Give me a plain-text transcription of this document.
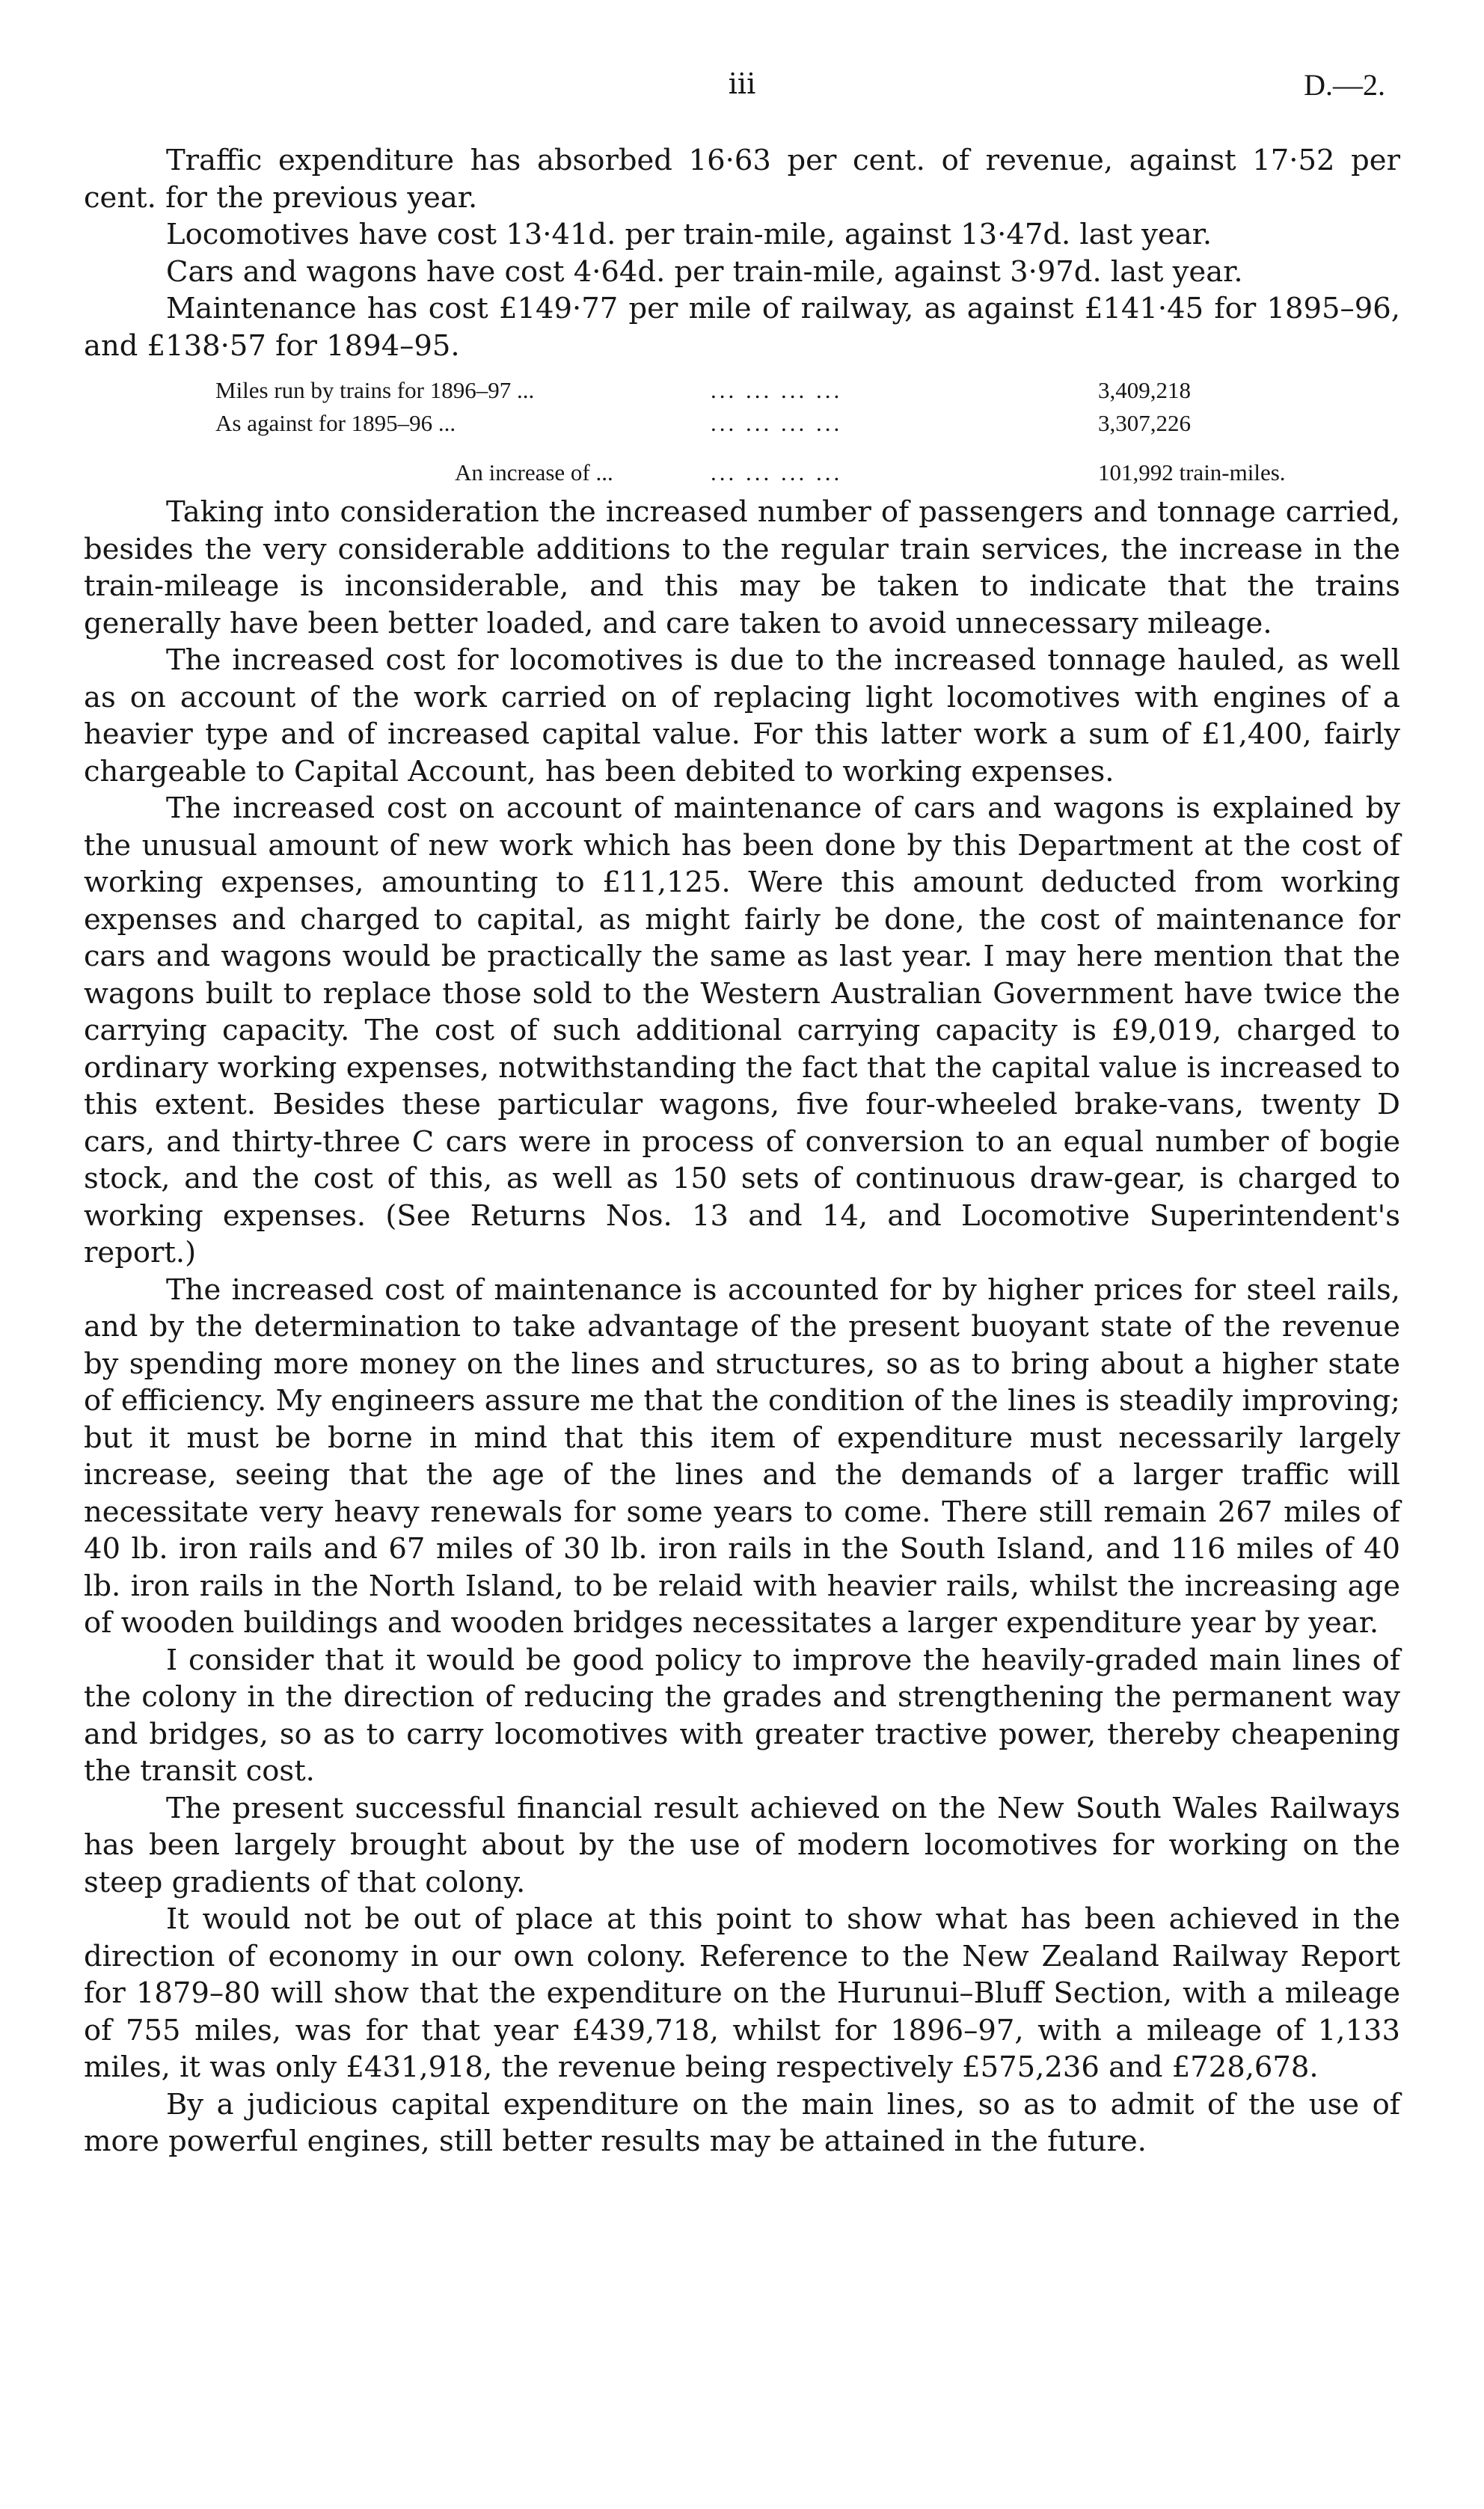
iii	D.—2.

Traffic expenditure has absorbed 16·63 per cent. of revenue, against 17·52 per cent. for the previous year.

Locomotives have cost 13·41d. per train-mile, against 13·47d. last year.

Cars and wagons have cost 4·64d. per train-mile, against 3·97d. last year.

Maintenance has cost £149·77 per mile of railway, as against £141·45 for 1895–96, and £138·57 for 1894–95.

Miles run by trains for 1896–97 ...	... ... ... ...	3,409,218
As against for 1895–96 ...	... ... ... ...	3,307,226
An increase of ...	... ... ... ...	101,992 train-miles.

Taking into consideration the increased number of passengers and tonnage carried, besides the very considerable additions to the regular train services, the increase in the train-mileage is inconsiderable, and this may be taken to indicate that the trains generally have been better loaded, and care taken to avoid unnecessary mileage.

The increased cost for locomotives is due to the increased tonnage hauled, as well as on account of the work carried on of replacing light locomotives with engines of a heavier type and of increased capital value. For this latter work a sum of £1,400, fairly chargeable to Capital Account, has been debited to working expenses.

The increased cost on account of maintenance of cars and wagons is explained by the unusual amount of new work which has been done by this Department at the cost of working expenses, amounting to £11,125. Were this amount deducted from working expenses and charged to capital, as might fairly be done, the cost of maintenance for cars and wagons would be practically the same as last year. I may here mention that the wagons built to replace those sold to the Western Australian Government have twice the carrying capacity. The cost of such additional carrying capacity is £9,019, charged to ordinary working expenses, notwithstanding the fact that the capital value is increased to this extent. Besides these particular wagons, five four-wheeled brake-vans, twenty D cars, and thirty-three C cars were in process of conversion to an equal number of bogie stock, and the cost of this, as well as 150 sets of continuous draw-gear, is charged to working expenses. (See Returns Nos. 13 and 14, and Locomotive Superintendent's report.)

The increased cost of maintenance is accounted for by higher prices for steel rails, and by the determination to take advantage of the present buoyant state of the revenue by spending more money on the lines and structures, so as to bring about a higher state of efficiency. My engineers assure me that the condition of the lines is steadily improving; but it must be borne in mind that this item of expenditure must necessarily largely increase, seeing that the age of the lines and the demands of a larger traffic will necessitate very heavy renewals for some years to come. There still remain 267 miles of 40 lb. iron rails and 67 miles of 30 lb. iron rails in the South Island, and 116 miles of 40 lb. iron rails in the North Island, to be relaid with heavier rails, whilst the increasing age of wooden buildings and wooden bridges necessitates a larger expenditure year by year.

I consider that it would be good policy to improve the heavily-graded main lines of the colony in the direction of reducing the grades and strengthening the permanent way and bridges, so as to carry locomotives with greater tractive power, thereby cheapening the transit cost.

The present successful financial result achieved on the New South Wales Railways has been largely brought about by the use of modern locomotives for working on the steep gradients of that colony.

It would not be out of place at this point to show what has been achieved in the direction of economy in our own colony. Reference to the New Zealand Railway Report for 1879–80 will show that the expenditure on the Hurunui–Bluff Section, with a mileage of 755 miles, was for that year £439,718, whilst for 1896–97, with a mileage of 1,133 miles, it was only £431,918, the revenue being respectively £575,236 and £728,678.

By a judicious capital expenditure on the main lines, so as to admit of the use of more powerful engines, still better results may be attained in the future.
